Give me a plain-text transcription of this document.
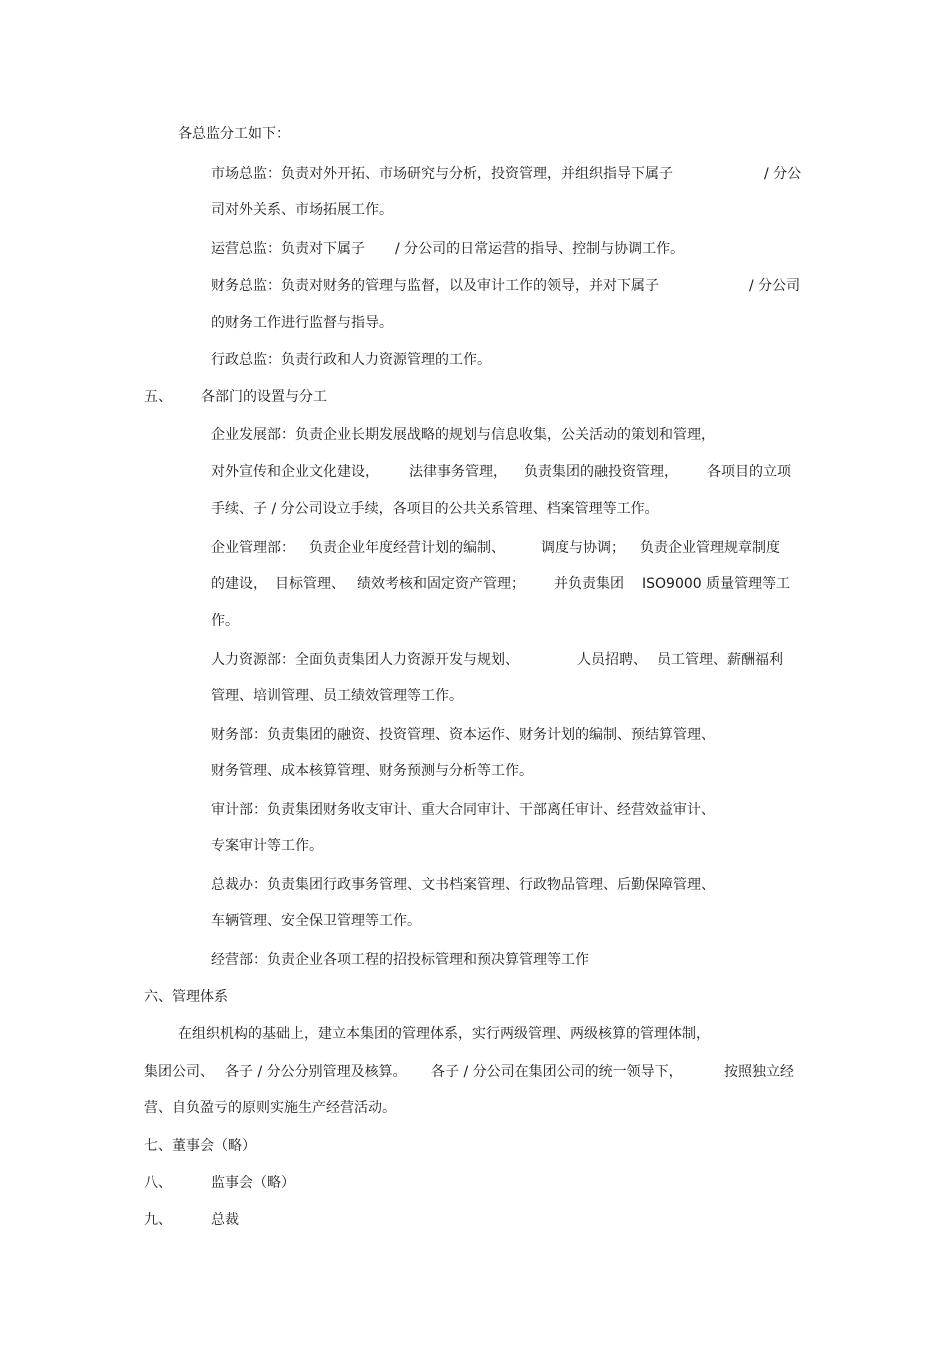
各总监分工如下：
市场总监：负责对外开拓、市场研究与分析，投资管理，并组织指导下属子	/ 分公
司对外关系、市场拓展工作。
运营总监：负责对下属子 / 分公司的日常运营的指导、控制与协调工作。
财务总监：负责对财务的管理与监督，以及审计工作的领导，并对下属子	/ 分公司
的财务工作进行监督与指导。
行政总监：负责行政和人力资源管理的工作。
五、 各部门的设置与分工
企业发展部：负责企业长期发展战略的规划与信息收集，公关活动的策划和管理，
对外宣传和企业文化建设， 法律事务管理， 负责集团的融投资管理， 各项目的立项
手续、子 / 分公司设立手续，各项目的公共关系管理、档案管理等工作。
企业管理部： 负责企业年度经营计划的编制、	调度与协调； 负责企业管理规章制度
的建设， 目标管理、 绩效考核和固定资产管理； 并负责集团 ISO9000 质量管理等工
作。
人力资源部：全面负责集团人力资源开发与规划、	人员招聘、 员工管理、薪酬福利
管理、培训管理、员工绩效管理等工作。
财务部：负责集团的融资、投资管理、资本运作、财务计划的编制、预结算管理、
财务管理、成本核算管理、财务预测与分析等工作。
审计部：负责集团财务收支审计、重大合同审计、干部离任审计、经营效益审计、
专案审计等工作。
总裁办：负责集团行政事务管理、文书档案管理、行政物品管理、后勤保障管理、
车辆管理、安全保卫管理等工作。
经营部：负责企业各项工程的招投标管理和预决算管理等工作
六、管理体系
在组织机构的基础上，建立本集团的管理体系，实行两级管理、两级核算的管理体制，
集团公司、 各子 / 分公分别管理及核算。 各子 / 分公司在集团公司的统一领导下，	按照独立经
营、自负盈亏的原则实施生产经营活动。
七、董事会（略）
八、	监事会（略）
九、	总裁
